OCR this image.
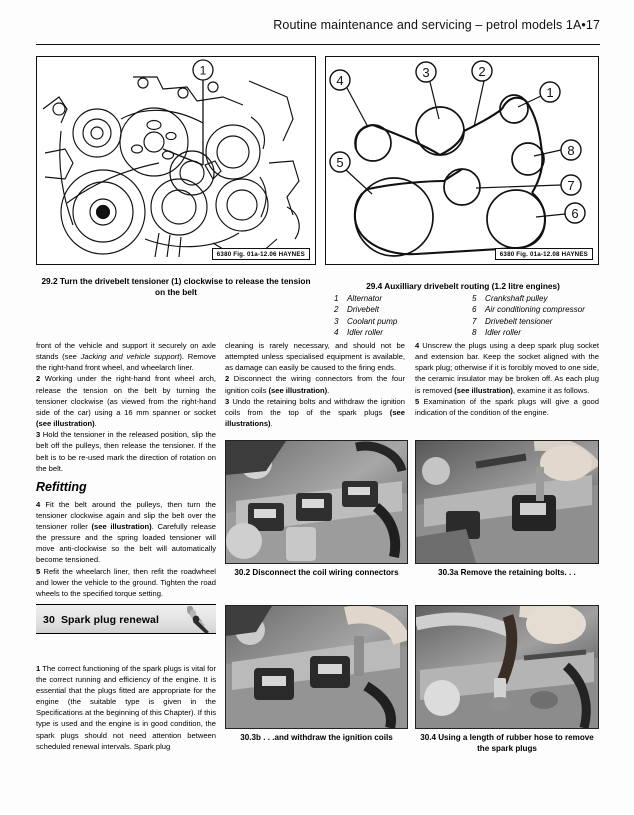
Routine maintenance and servicing – petrol models 1A•17
1
6380 Fig. 01a-12.06 HAYNES
29.2 Turn the drivebelt tensioner (1) clockwise to release the tension on the belt
4
3	2
1
8
7
6
5
6380 Fig. 01a-12.08 HAYNES
29.4 Auxilliary drivebelt routing (1.2 litre engines)
1	Alternator	5	Crankshaft pulley
2	Drivebelt	6	Air conditioning compressor
3	Coolant pump	7	Drivebelt tensioner
4	Idler roller	8	Idler roller

front of the vehicle and support it securely on axle stands (see Jacking and vehicle support). Remove the right-hand front wheel, and wheelarch liner.

2 Working under the right-hand front wheel arch, release the tension on the belt by turning the tensioner clockwise (as viewed from the right-hand side of the car) using a 16 mm spanner or socket (see illustration).

3 Hold the tensioner in the released position, slip the belt off the pulleys, then release the tensioner. If the belt is to be re-used mark the direction of rotation on the belt.

Refitting

4 Fit the belt around the pulleys, then turn the tensioner clockwise again and slip the belt over the tensioner roller (see illustration). Carefully release the pressure and the spring loaded tensioner will move anti-clockwise so the belt will automatically become tensioned.

5 Refit the wheelarch liner, then refit the roadwheel and lower the vehicle to the ground. Tighten the road wheels to the specified torque setting.

cleaning is rarely necessary, and should not be attempted unless specialised equipment is available, as damage can easily be caused to the firing ends.

2 Disconnect the wiring connectors from the four ignition coils (see illustration).

3 Undo the retaining bolts and withdraw the ignition coils from the top of the spark plugs (see illustrations).

4 Unscrew the plugs using a deep spark plug socket and extension bar. Keep the socket aligned with the spark plug; otherwise if it is forcibly moved to one side, the ceramic insulator may be broken off. As each plug is removed (see illustration), examine it as follows.

5 Examination of the spark plugs will give a good indication of the condition of the engine.

30 Spark plug renewal

1 The correct functioning of the spark plugs is vital for the correct running and efficiency of the engine. It is essential that the plugs fitted are appropriate for the engine (the suitable type is given in the Specifications at the beginning of this Chapter). If this type is used and the engine is in good condition, the spark plugs should not need attention between scheduled renewal intervals. Spark plug

30.2 Disconnect the coil wiring connectors	30.3a Remove the retaining bolts. . .
30.3b . . .and withdraw the ignition coils	30.4 Using a length of rubber hose to remove the spark plugs
